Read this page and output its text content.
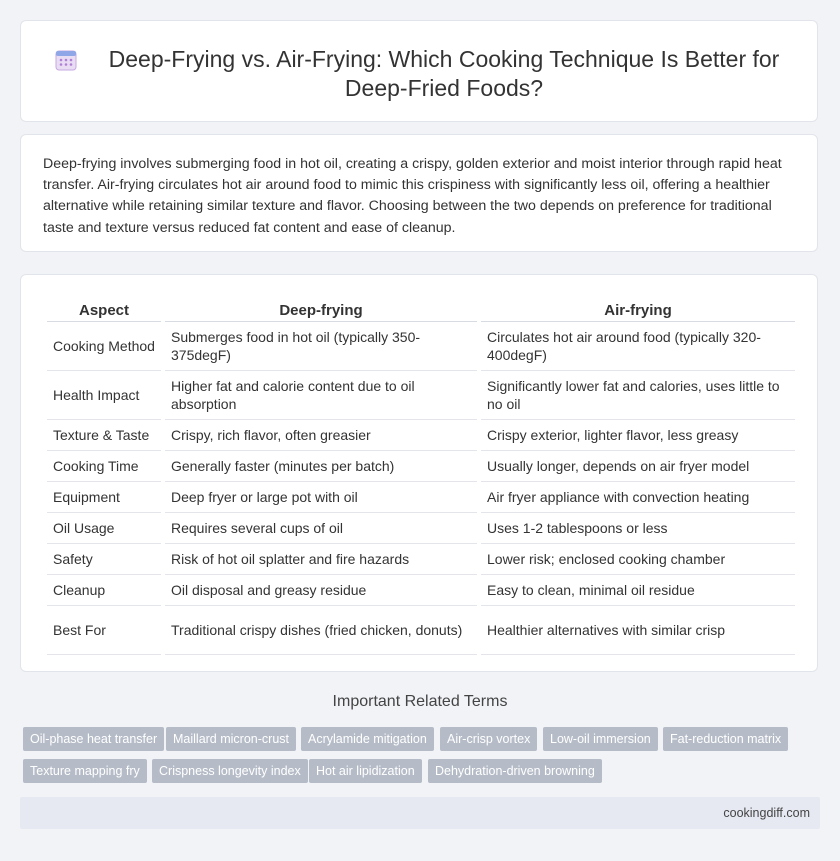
Deep-Frying vs. Air-Frying: Which Cooking Technique Is Better for Deep-Fried Foods?

Deep-frying involves submerging food in hot oil, creating a crispy, golden exterior and moist interior through rapid heat transfer. Air-frying circulates hot air around food to mimic this crispiness with significantly less oil, offering a healthier alternative while retaining similar texture and flavor. Choosing between the two depends on preference for traditional taste and texture versus reduced fat content and ease of cleanup.

Aspect	Deep-frying	Air-frying
Cooking Method	Submerges food in hot oil (typically 350-375degF)	Circulates hot air around food (typically 320-400degF)
Health Impact	Higher fat and calorie content due to oil absorption	Significantly lower fat and calories, uses little to no oil
Texture & Taste	Crispy, rich flavor, often greasier	Crispy exterior, lighter flavor, less greasy
Cooking Time	Generally faster (minutes per batch)	Usually longer, depends on air fryer model
Equipment	Deep fryer or large pot with oil	Air fryer appliance with convection heating
Oil Usage	Requires several cups of oil	Uses 1-2 tablespoons or less
Safety	Risk of hot oil splatter and fire hazards	Lower risk; enclosed cooking chamber
Cleanup	Oil disposal and greasy residue	Easy to clean, minimal oil residue
Best For	Traditional crispy dishes (fried chicken, donuts)	Healthier alternatives with similar crisp
Important Related Terms
Oil-phase heat transfer	Maillard micron-crust	Acrylamide mitigation	Air-crisp vortex	Low-oil immersion	Fat-reduction matrix
Texture mapping fry	Crispness longevity index	Hot air lipidization	Dehydration-driven browning
cookingdiff.com
